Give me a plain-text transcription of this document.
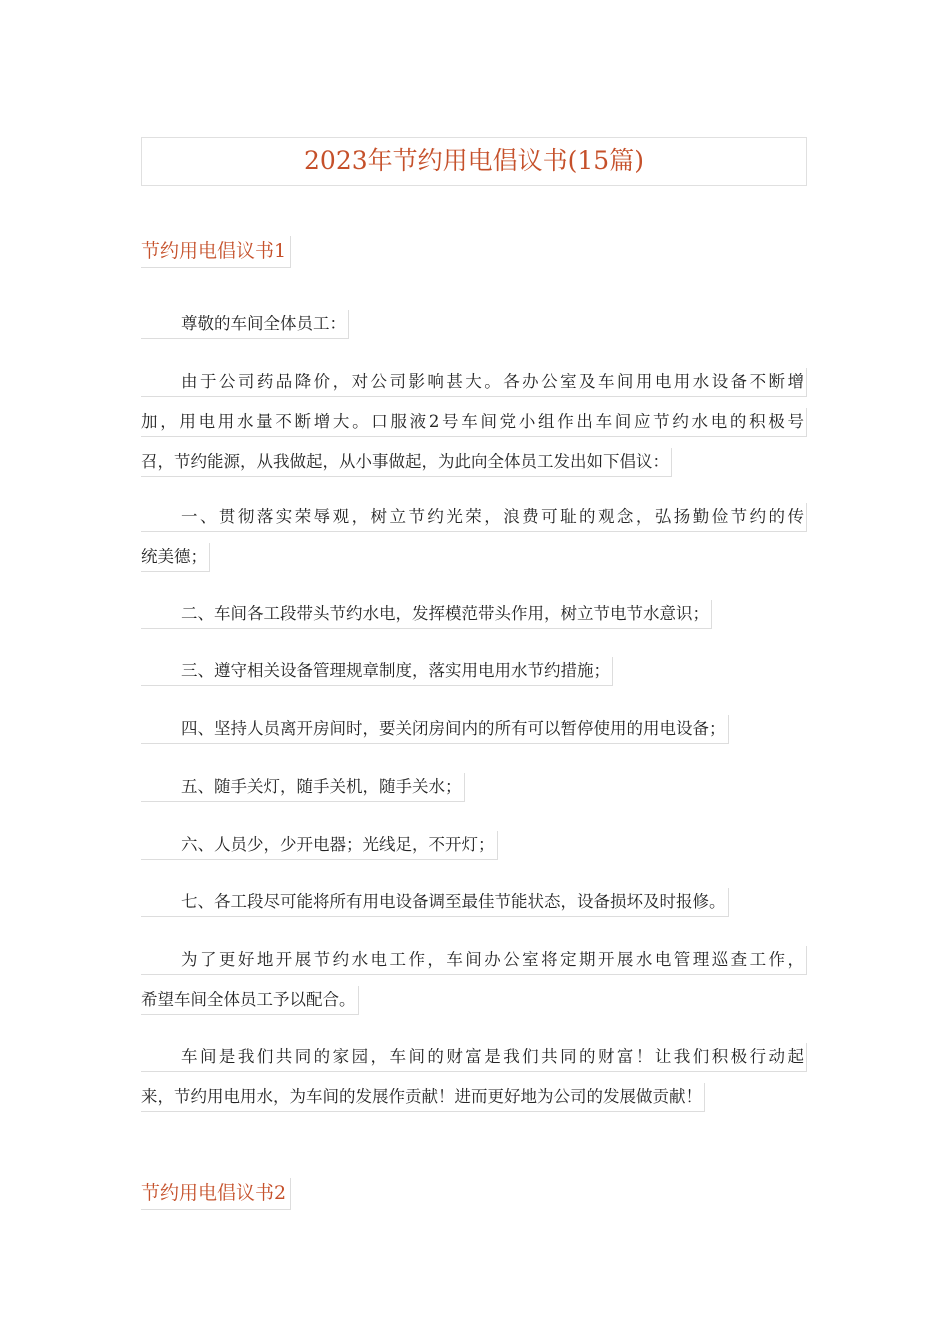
2023年节约用电倡议书(15篇)
节约用电倡议书1
尊敬的车间全体员工：
由于公司药品降价，对公司影响甚大。各办公室及车间用电用水设备不断增
加，用电用水量不断增大。口服液2号车间党小组作出车间应节约水电的积极号
召，节约能源，从我做起，从小事做起，为此向全体员工发出如下倡议：
一、贯彻落实荣辱观，树立节约光荣，浪费可耻的观念，弘扬勤俭节约的传
统美德；
二、车间各工段带头节约水电，发挥模范带头作用，树立节电节水意识；
三、遵守相关设备管理规章制度，落实用电用水节约措施；
四、坚持人员离开房间时，要关闭房间内的所有可以暂停使用的用电设备；
五、随手关灯，随手关机，随手关水；
六、人员少，少开电器；光线足，不开灯；
七、各工段尽可能将所有用电设备调至最佳节能状态，设备损坏及时报修。
为了更好地开展节约水电工作，车间办公室将定期开展水电管理巡查工作，
希望车间全体员工予以配合。
车间是我们共同的家园，车间的财富是我们共同的财富！让我们积极行动起
来，节约用电用水，为车间的发展作贡献！进而更好地为公司的发展做贡献！
节约用电倡议书2
